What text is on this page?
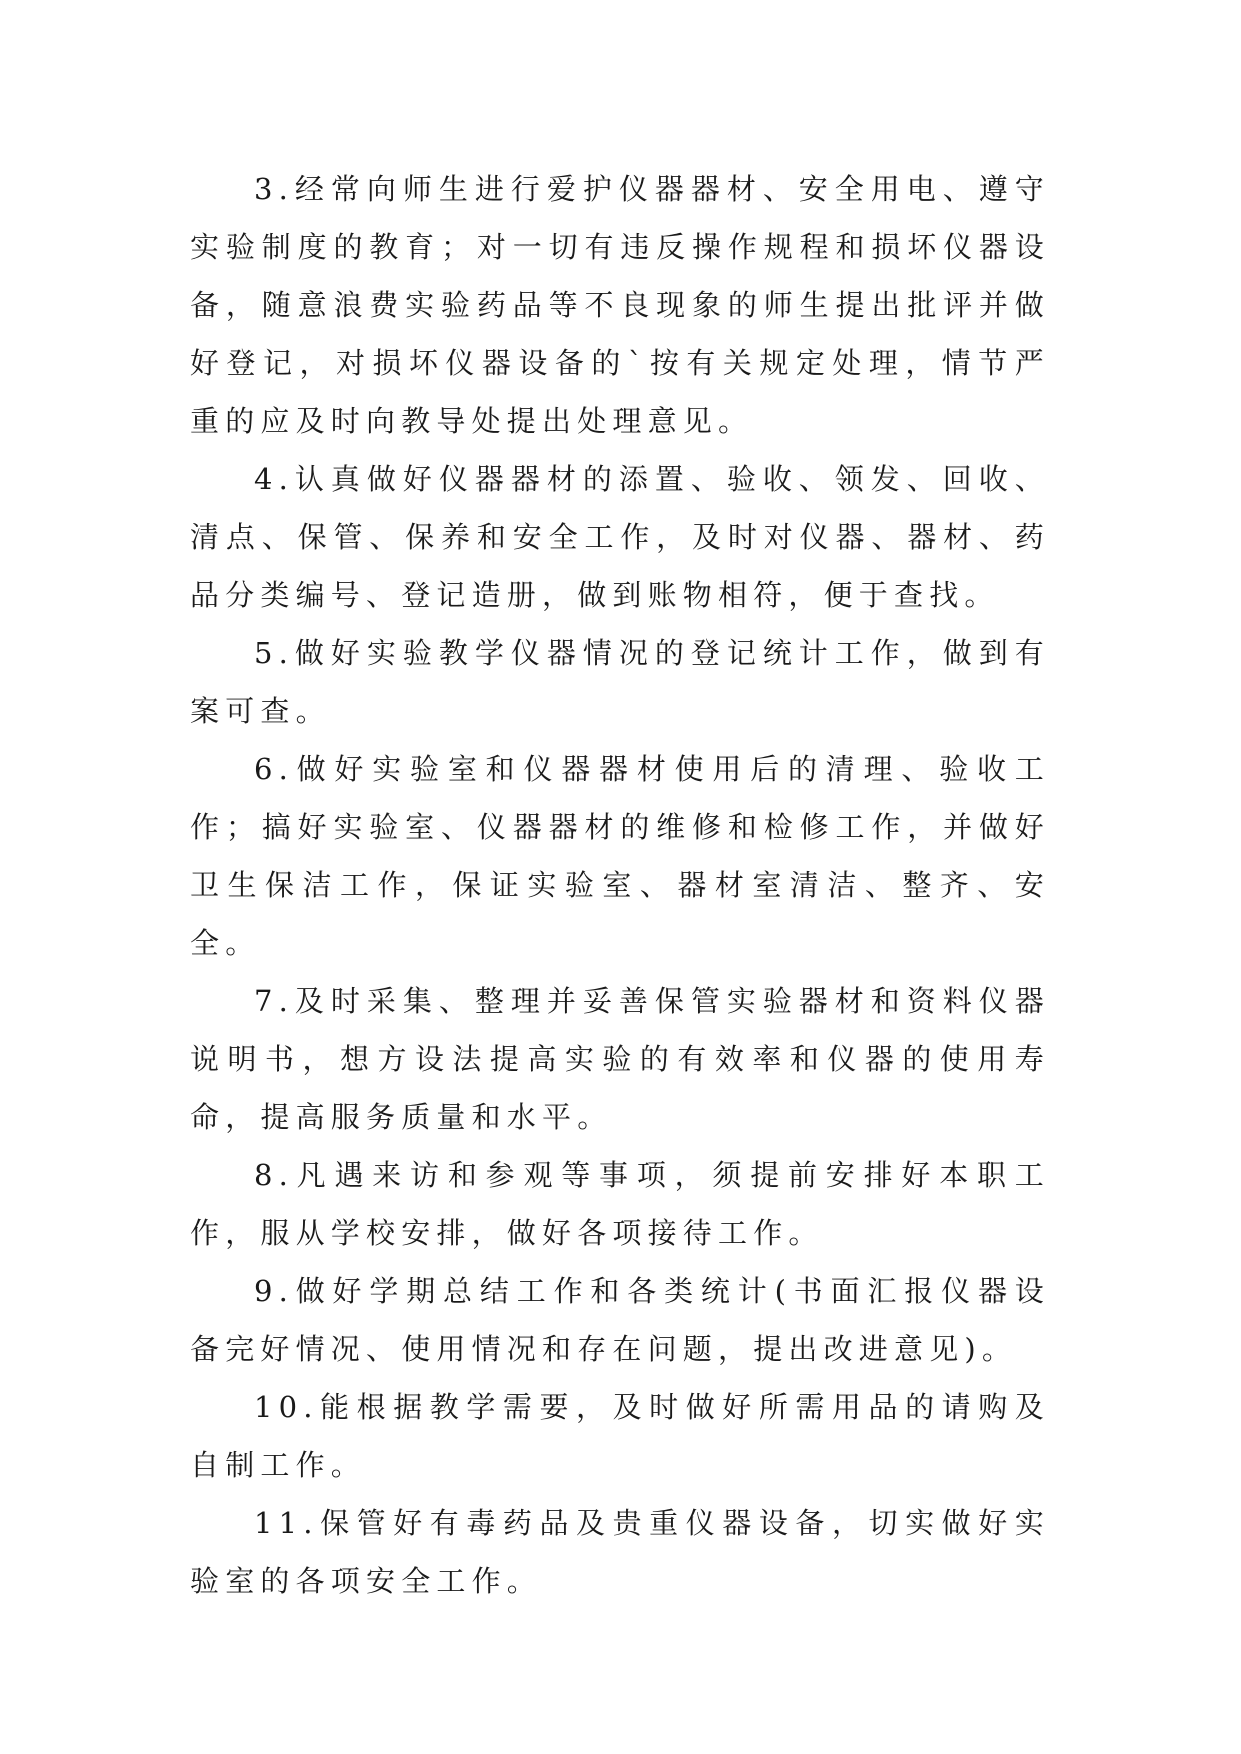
3.经常向师生进行爱护仪器器材、安全用电、遵守实验制度的教育；对一切有违反操作规程和损坏仪器设备，随意浪费实验药品等不良现象的师生提出批评并做好登记，对损坏仪器设备的`按有关规定处理，情节严重的应及时向教导处提出处理意见。

4.认真做好仪器器材的添置、验收、领发、回收、清点、保管、保养和安全工作，及时对仪器、器材、药品分类编号、登记造册，做到账物相符，便于查找。

5.做好实验教学仪器情况的登记统计工作，做到有案可查。

6.做好实验室和仪器器材使用后的清理、验收工作；搞好实验室、仪器器材的维修和检修工作，并做好卫生保洁工作，保证实验室、器材室清洁、整齐、安全。

7.及时采集、整理并妥善保管实验器材和资料仪器说明书，想方设法提高实验的有效率和仪器的使用寿命，提高服务质量和水平。

8.凡遇来访和参观等事项，须提前安排好本职工作，服从学校安排，做好各项接待工作。

9.做好学期总结工作和各类统计(书面汇报仪器设备完好情况、使用情况和存在问题，提出改进意见)。

10.能根据教学需要，及时做好所需用品的请购及自制工作。

11.保管好有毒药品及贵重仪器设备，切实做好实验室的各项安全工作。
